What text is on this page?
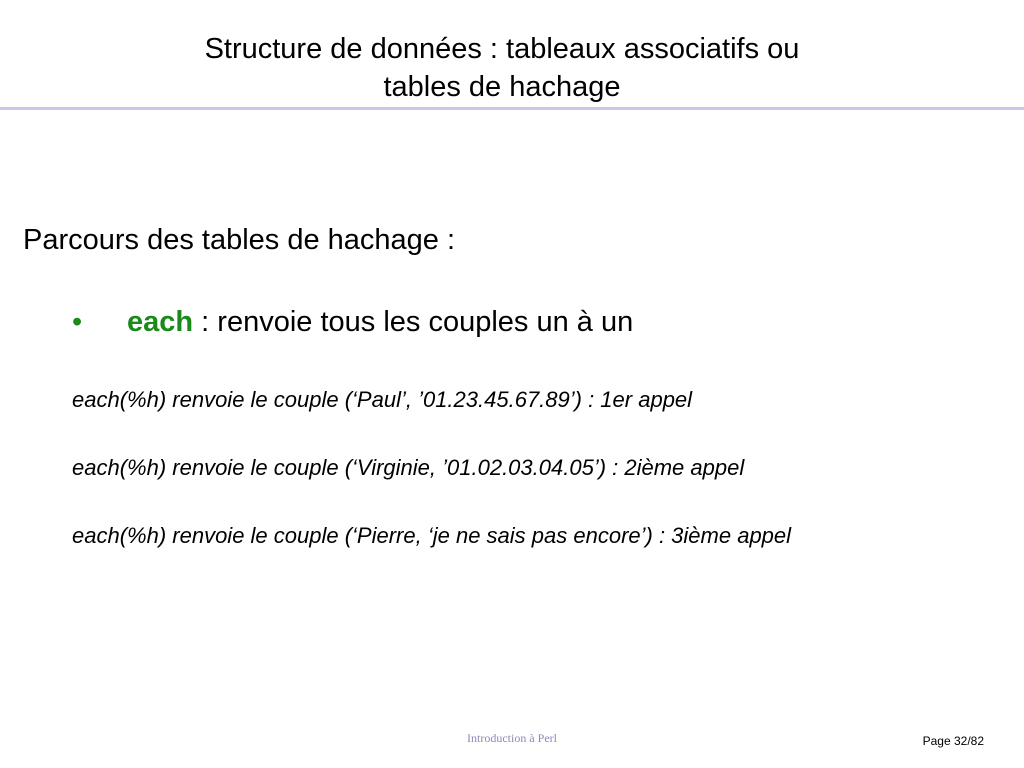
Structure de données : tableaux associatifs ou
tables de hachage
Parcours des tables de hachage :
• each : renvoie tous les couples un à un
each(%h) renvoie le couple (‘Paul’, ’01.23.45.67.89’) : 1er appel
each(%h) renvoie le couple (‘Virginie, ’01.02.03.04.05’) : 2ième appel
each(%h) renvoie le couple (‘Pierre, ‘je ne sais pas encore’) : 3ième appel
Introduction à Perl	Page 32/82
